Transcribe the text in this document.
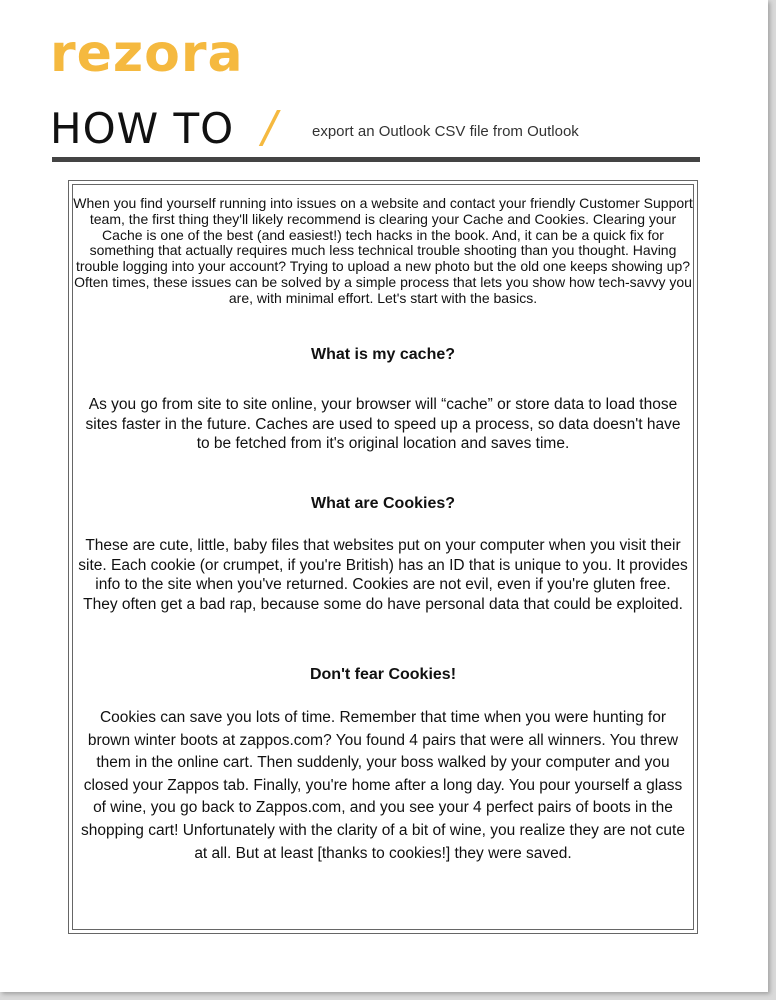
rezora
HOW TO / export an Outlook CSV file from Outlook
When you find yourself running into issues on a website and contact your friendly Customer Support team, the first thing they'll likely recommend is clearing your Cache and Cookies. Clearing your Cache is one of the best (and easiest!) tech hacks in the book. And, it can be a quick fix for something that actually requires much less technical trouble shooting than you thought. Having trouble logging into your account? Trying to upload a new photo but the old one keeps showing up? Often times, these issues can be solved by a simple process that lets you show how tech-savvy you are, with minimal effort. Let's start with the basics.
What is my cache?
As you go from site to site online, your browser will “cache” or store data to load those sites faster in the future. Caches are used to speed up a process, so data doesn't have to be fetched from it's original location and saves time.
What are Cookies?
These are cute, little, baby files that websites put on your computer when you visit their site. Each cookie (or crumpet, if you're British) has an ID that is unique to you. It provides info to the site when you've returned. Cookies are not evil, even if you're gluten free. They often get a bad rap, because some do have personal data that could be exploited.
Don't fear Cookies!
Cookies can save you lots of time. Remember that time when you were hunting for brown winter boots at zappos.com? You found 4 pairs that were all winners. You threw them in the online cart. Then suddenly, your boss walked by your computer and you closed your Zappos tab. Finally, you're home after a long day. You pour yourself a glass of wine, you go back to Zappos.com, and you see your 4 perfect pairs of boots in the shopping cart! Unfortunately with the clarity of a bit of wine, you realize they are not cute at all. But at least [thanks to cookies!] they were saved.
